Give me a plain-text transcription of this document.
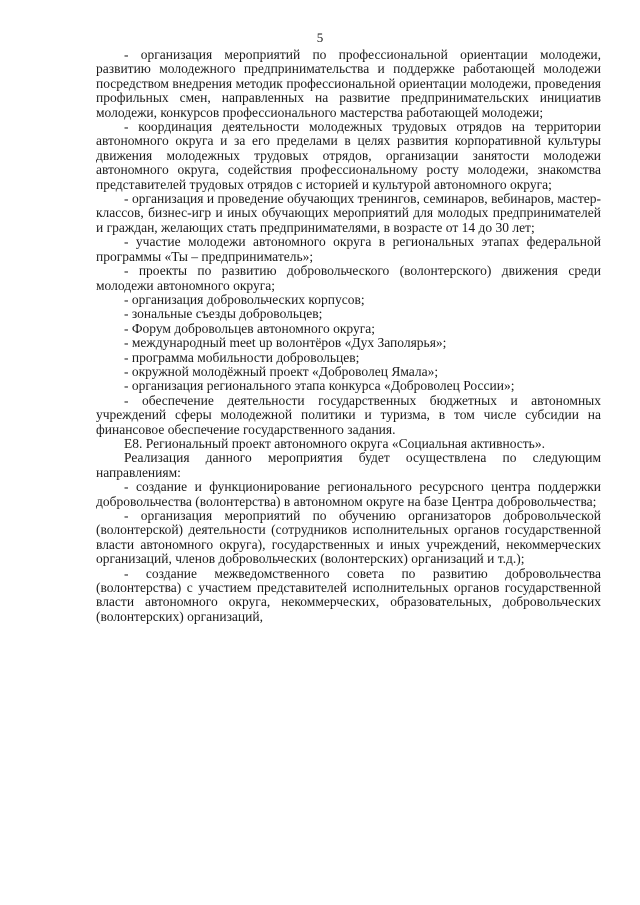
5

- организация мероприятий по профессиональной ориентации молодежи, развитию молодежного предпринимательства и поддержке работающей молодежи посредством внедрения методик профессиональной ориентации молодежи, проведения профильных смен, направленных на развитие предпринимательских инициатив молодежи, конкурсов профессионального мастерства работающей молодежи;

- координация деятельности молодежных трудовых отрядов на территории автономного округа и за его пределами в целях развития корпоративной культуры движения молодежных трудовых отрядов, организации занятости молодежи автономного округа, содействия профессиональному росту молодежи, знакомства представителей трудовых отрядов с историей и культурой автономного округа;

- организация и проведение обучающих тренингов, семинаров, вебинаров, мастер-классов, бизнес-игр и иных обучающих мероприятий для молодых предпринимателей и граждан, желающих стать предпринимателями, в возрасте от 14 до 30 лет;

- участие молодежи автономного округа в региональных этапах федеральной программы «Ты – предприниматель»;

- проекты по развитию добровольческого (волонтерского) движения среди молодежи автономного округа;

- организация добровольческих корпусов;

- зональные съезды добровольцев;

- Форум добровольцев автономного округа;

- международный meet up волонтёров «Дух Заполярья»;

- программа мобильности добровольцев;

- окружной молодёжный проект «Доброволец Ямала»;

- организация регионального этапа конкурса «Доброволец России»;

- обеспечение деятельности государственных бюджетных и автономных учреждений сферы молодежной политики и туризма, в том числе субсидии на финансовое обеспечение государственного задания.

Е8. Региональный проект автономного округа «Социальная активность».

Реализация данного мероприятия будет осуществлена по следующим направлениям:

- создание и функционирование регионального ресурсного центра поддержки добровольчества (волонтерства) в автономном округе на базе Центра добровольчества;

- организация мероприятий по обучению организаторов добровольческой (волонтерской) деятельности (сотрудников исполнительных органов государственной власти автономного округа), государственных и иных учреждений, некоммерческих организаций, членов добровольческих (волонтерских) организаций и т.д.);

- создание межведомственного совета по развитию добровольчества (волонтерства) с участием представителей исполнительных органов государственной власти автономного округа, некоммерческих, образовательных, добровольческих (волонтерских) организаций,
